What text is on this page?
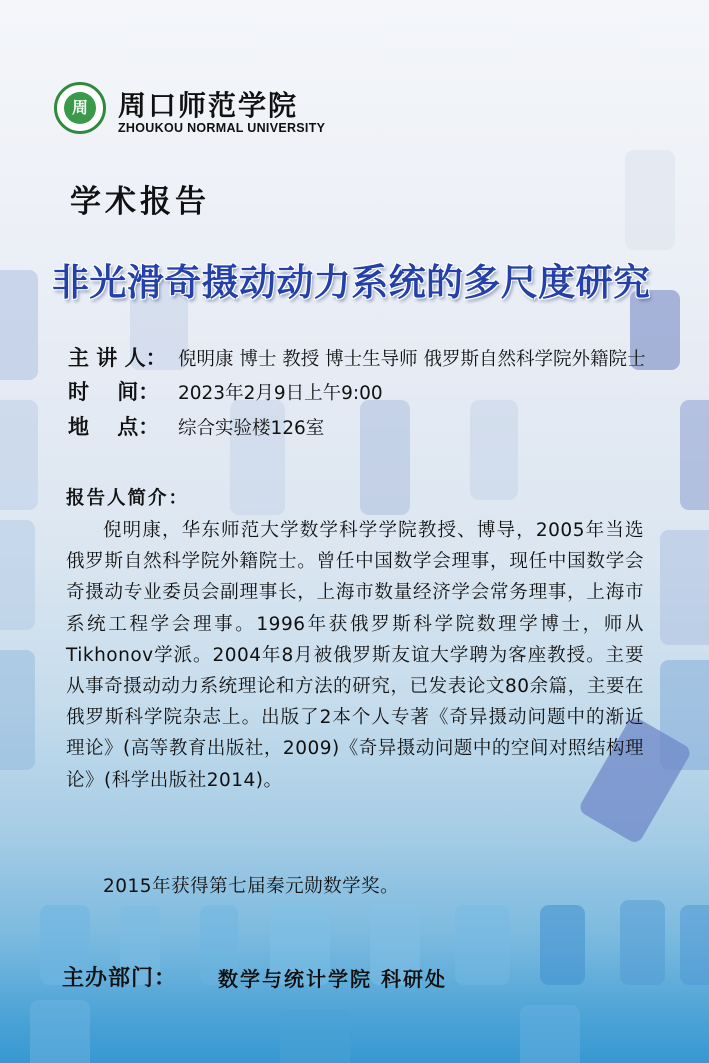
周 周口师范学院
ZHOUKOU NORMAL UNIVERSITY
学术报告
非光滑奇摄动动力系统的多尺度研究
主 讲 人： 倪明康 博士 教授 博士生导师 俄罗斯自然科学院外籍院士
时　 间： 2023年2月9日上午9:00
地　 点： 综合实验楼126室
报告人简介：
倪明康，华东师范大学数学科学学院教授、博导，2005年当选俄罗斯自然科学院外籍院士。曾任中国数学会理事，现任中国数学会奇摄动专业委员会副理事长，上海市数量经济学会常务理事，上海市系统工程学会理事。1996年获俄罗斯科学院数理学博士，师从Tikhonov学派。2004年8月被俄罗斯友谊大学聘为客座教授。主要从事奇摄动动力系统理论和方法的研究，已发表论文80余篇，主要在俄罗斯科学院杂志上。出版了2本个人专著《奇异摄动问题中的渐近理论》(高等教育出版社，2009)《奇异摄动问题中的空间对照结构理论》(科学出版社2014)。
2015年获得第七届秦元勋数学奖。
主办部门： 数学与统计学院 科研处
